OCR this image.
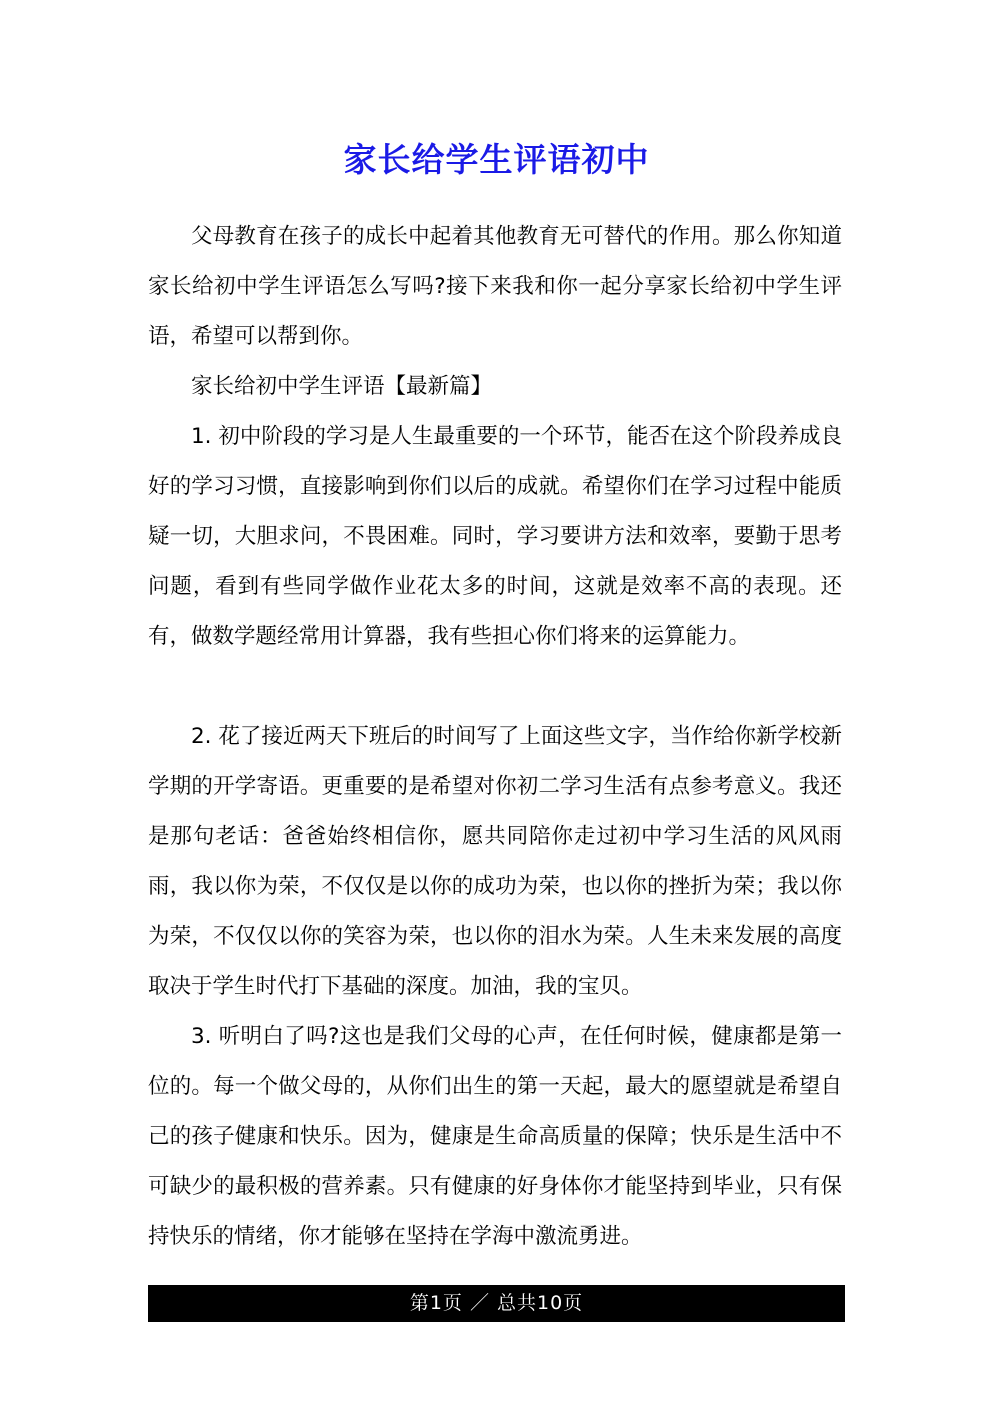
家长给学生评语初中

父母教育在孩子的成长中起着其他教育无可替代的作用。那么你知道家长给初中学生评语怎么写吗?接下来我和你一起分享家长给初中学生评语，希望可以帮到你。

家长给初中学生评语【最新篇】

1. 初中阶段的学习是人生最重要的一个环节，能否在这个阶段养成良好的学习习惯，直接影响到你们以后的成就。希望你们在学习过程中能质疑一切，大胆求问，不畏困难。同时，学习要讲方法和效率，要勤于思考问题，看到有些同学做作业花太多的时间，这就是效率不高的表现。还有，做数学题经常用计算器，我有些担心你们将来的运算能力。

2. 花了接近两天下班后的时间写了上面这些文字，当作给你新学校新学期的开学寄语。更重要的是希望对你初二学习生活有点参考意义。我还是那句老话：爸爸始终相信你，愿共同陪你走过初中学习生活的风风雨雨，我以你为荣，不仅仅是以你的成功为荣，也以你的挫折为荣；我以你为荣，不仅仅以你的笑容为荣，也以你的泪水为荣。人生未来发展的高度取决于学生时代打下基础的深度。加油，我的宝贝。

3. 听明白了吗?这也是我们父母的心声，在任何时候，健康都是第一位的。每一个做父母的，从你们出生的第一天起，最大的愿望就是希望自己的孩子健康和快乐。因为，健康是生命高质量的保障；快乐是生活中不可缺少的最积极的营养素。只有健康的好身体你才能坚持到毕业，只有保持快乐的情绪，你才能够在坚持在学海中激流勇进。

第1页 ／ 总共10页
